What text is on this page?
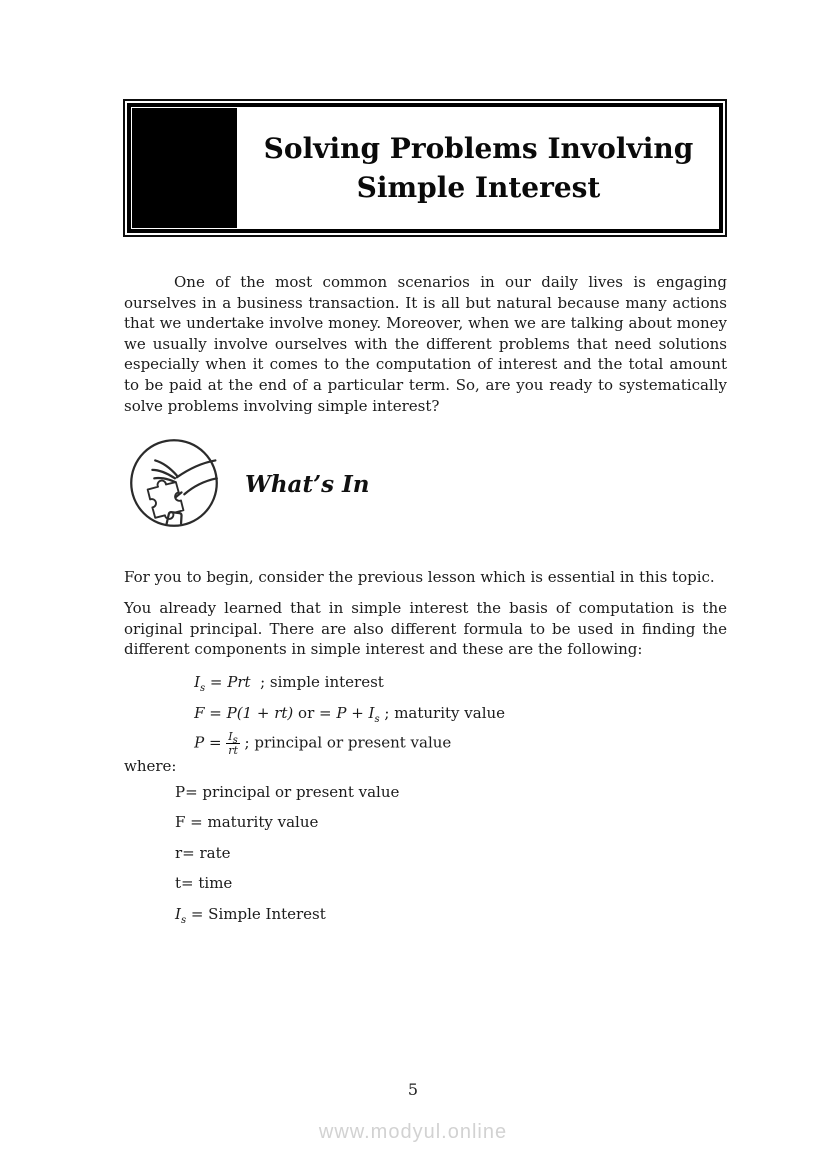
Solving Problems Involving
Simple Interest

One of the most common scenarios in our daily lives is engaging ourselves in a business transaction. It is all but natural because many actions that we undertake involve money. Moreover, when we are talking about money we usually involve ourselves with the different problems that need solutions especially when it comes to the computation of interest and the total amount to be paid at the end of a particular term. So, are you ready to systematically solve problems involving simple interest?

What’s In

For you to begin, consider the previous lesson which is essential in this topic.

You already learned that in simple interest the basis of computation is the original principal. There are also different formula to be used in finding the different components in simple interest and these are the following:

$I_s$ = Prt  ; simple interest

F = P(1 + rt) or = $P + I_s$ ; maturity value

$P = \frac{I_s}{rt}$ ; principal or present value

where:
P= principal or present value
F = maturity value
r= rate
t= time
$I_s$ = Simple Interest
5
www.modyul.online
